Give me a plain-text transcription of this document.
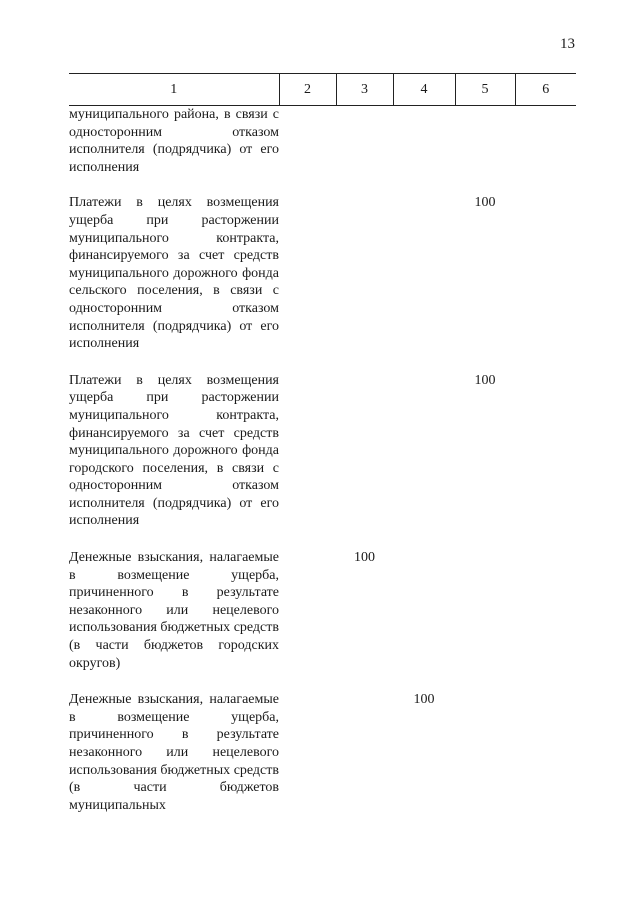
13
1	2	3	4	5	6
муниципального района, в связи с односторонним отказом исполнителя (подрядчика) от его исполнения					
Платежи в целях возмещения ущерба при расторжении муниципального контракта, финансируемого за счет средств муниципального дорожного фонда сельского поселения, в связи с односторонним отказом исполнителя (подрядчика) от его исполнения				100	
Платежи в целях возмещения ущерба при расторжении муниципального контракта, финансируемого за счет средств муниципального дорожного фонда городского поселения, в связи с односторонним отказом исполнителя (подрядчика) от его исполнения				100	
Денежные взыскания, налагаемые в возмещение ущерба, причиненного в результате незаконного или нецелевого использования бюджетных средств (в части бюджетов городских округов)		100			
Денежные взыскания, налагаемые в возмещение ущерба, причиненного в результате незаконного или нецелевого использования бюджетных средств (в части бюджетов муниципальных			100		
